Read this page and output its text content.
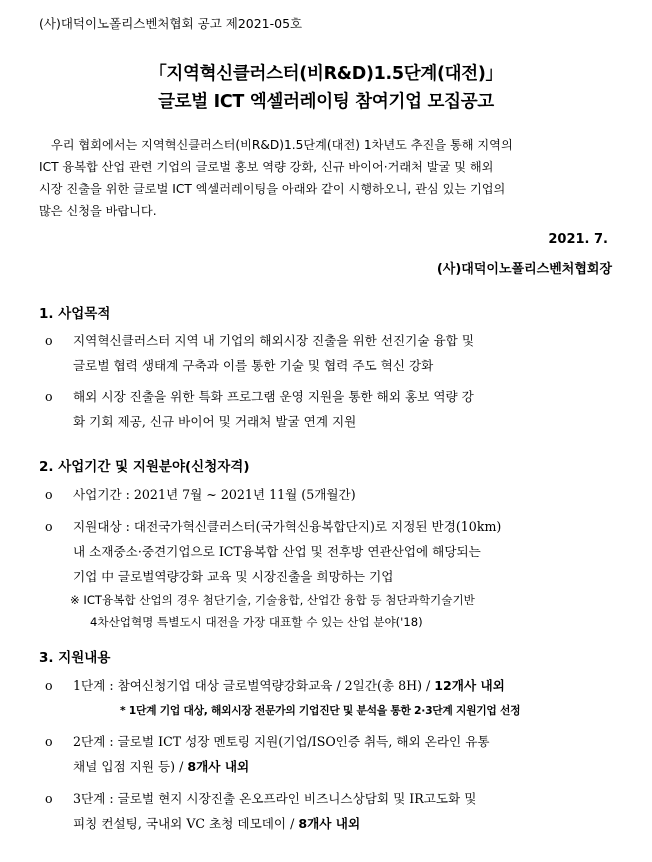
(사)대덕이노폴리스벤처협회 공고 제2021-05호
「지역혁신클러스터(비R&D)1.5단계(대전)」
글로벌 ICT 엑셀러레이팅 참여기업 모집공고
우리 협회에서는 지역혁신클러스터(비R&D)1.5단계(대전) 1차년도 추진을 통해 지역의
ICT 융복합 산업 관련 기업의 글로벌 홍보 역량 강화, 신규 바이어·거래처 발굴 및 해외
시장 진출을 위한 글로벌 ICT 엑셀러레이팅을 아래와 같이 시행하오니, 관심 있는 기업의
많은 신청을 바랍니다.
2021. 7.
(사)대덕이노폴리스벤처협회장
1. 사업목적
o 지역혁신클러스터 지역 내 기업의 해외시장 진출을 위한 선진기술 융합 및
글로벌 협력 생태계 구축과 이를 통한 기술 및 협력 주도 혁신 강화
o 해외 시장 진출을 위한 특화 프로그램 운영 지원을 통한 해외 홍보 역량 강
화 기회 제공, 신규 바이어 및 거래처 발굴 연계 지원
2. 사업기간 및 지원분야(신청자격)
o 사업기간 : 2021년 7월 ~ 2021년 11월 (5개월간)
o 지원대상 : 대전국가혁신클러스터(국가혁신융복합단지)로 지정된 반경(10km)
내 소재중소·중견기업으로 ICT융복합 산업 및 전후방 연관산업에 해당되는
기업 中 글로벌역량강화 교육 및 시장진출을 희망하는 기업
※ ICT융복합 산업의 경우 첨단기술, 기술융합, 산업간 융합 등 첨단과학기술기반
4차산업혁명 특별도시 대전을 가장 대표할 수 있는 산업 분야('18)
3. 지원내용
o 1단계 : 참여신청기업 대상 글로벌역량강화교육 / 2일간(총 8H) / 12개사 내외
* 1단계 기업 대상, 해외시장 전문가의 기업진단 및 분석을 통한 2·3단계 지원기업 선정
o 2단계 : 글로벌 ICT 성장 멘토링 지원(기업/ISO인증 취득, 해외 온라인 유통
채널 입점 지원 등) / 8개사 내외
o 3단계 : 글로벌 현지 시장진출 온오프라인 비즈니스상담회 및 IR고도화 및
피칭 컨설팅, 국내외 VC 초청 데모데이 / 8개사 내외
